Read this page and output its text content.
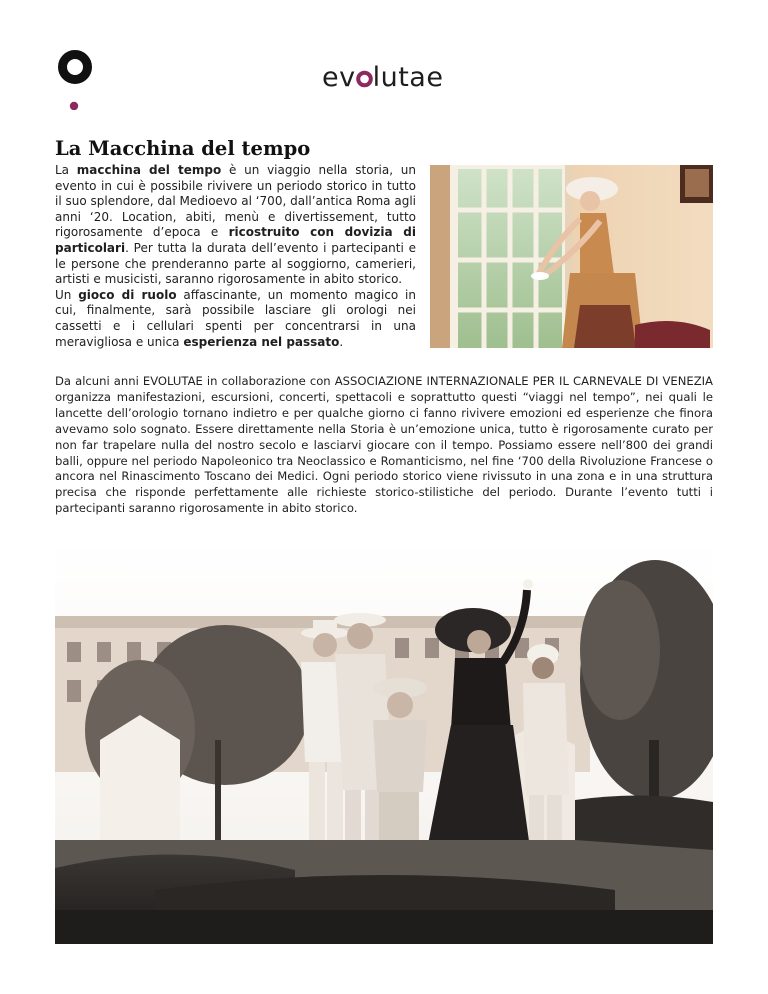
ev lutae
La Macchina del tempo

La macchina del tempo è un viaggio nella storia, un evento in cui è possibile rivivere un periodo storico in tutto il suo splendore, dal Medioevo al ‘700, dall’antica Roma agli anni ‘20. Location, abiti, menù e divertissement, tutto rigorosamente d’epoca e ricostruito con dovizia di particolari. Per tutta la durata dell’evento i partecipanti e le persone che prenderanno parte al soggiorno, camerieri, artisti e musicisti, saranno rigorosamente in abito storico.
Un gioco di ruolo affascinante, un momento magico in cui, finalmente, sarà possibile lasciare gli orologi nei cassetti e i cellulari spenti per concentrarsi in una meravigliosa e unica esperienza nel passato.

Da alcuni anni EVOLUTAE in collaborazione con ASSOCIAZIONE INTERNAZIONALE PER IL CARNEVALE DI VENEZIA organizza manifestazioni, escursioni, concerti, spettacoli e soprattutto questi “viaggi nel tempo”, nei quali le lancette dell’orologio tornano indietro e per qualche giorno ci fanno rivivere emozioni ed esperienze che finora avevamo solo sognato. Essere direttamente nella Storia è un’emozione unica, tutto è rigorosamente curato per non far trapelare nulla del nostro secolo e lasciarvi giocare con il tempo. Possiamo essere nell’800 dei grandi balli, oppure nel periodo Napoleonico tra Neoclassico e Romanticismo, nel fine ‘700 della Rivoluzione Francese o ancora nel Rinascimento Toscano dei Medici. Ogni periodo storico viene rivissuto in una zona e in una struttura precisa che risponde perfettamente alle richieste storico-stilistiche del periodo. Durante l’evento tutti i partecipanti saranno rigorosamente in abito storico.
